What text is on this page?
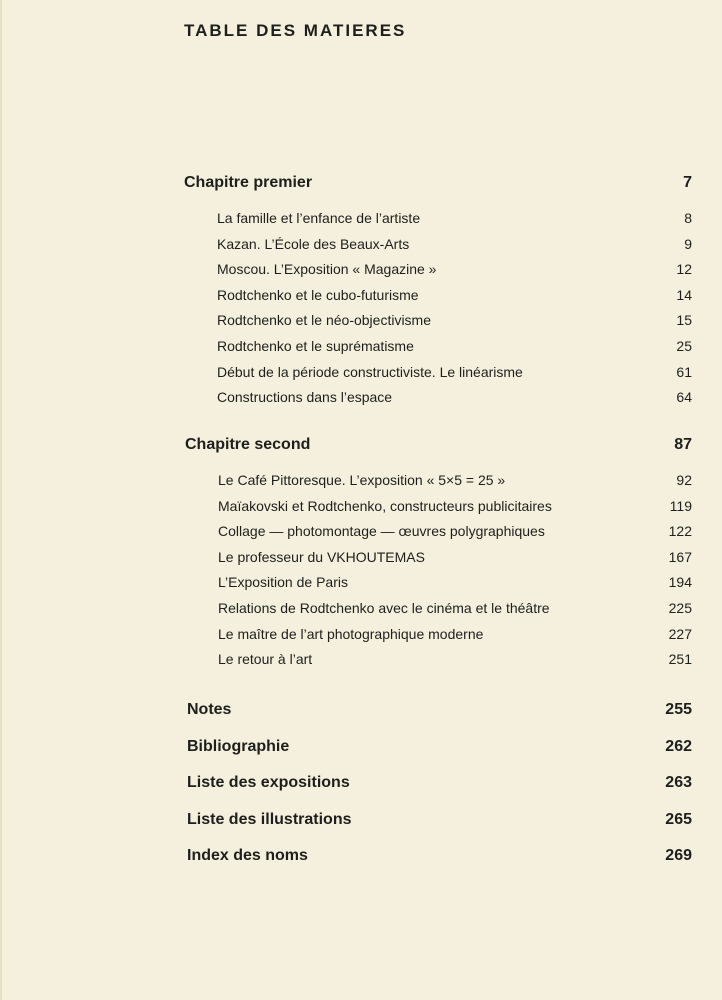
TABLE DES MATIERES
Chapitre premier	7
La famille et l’enfance de l’artiste	8
Kazan. L’École des Beaux-Arts	9
Moscou. L’Exposition « Magazine »	12
Rodtchenko et le cubo-futurisme	14
Rodtchenko et le néo-objectivisme	15
Rodtchenko et le suprématisme	25
Début de la période constructiviste. Le linéarisme	61
Constructions dans l’espace	64
Chapitre second	87
Le Café Pittoresque. L’exposition « 5×5 = 25 »	92
Maïakovski et Rodtchenko, constructeurs publicitaires	119
Collage — photomontage — œuvres polygraphiques	122
Le professeur du VKHOUTEMAS	167
L’Exposition de Paris	194
Relations de Rodtchenko avec le cinéma et le théâtre	225
Le maître de l’art photographique moderne	227
Le retour à l’art	251
Notes	255
Bibliographie	262
Liste des expositions	263
Liste des illustrations	265
Index des noms	269
